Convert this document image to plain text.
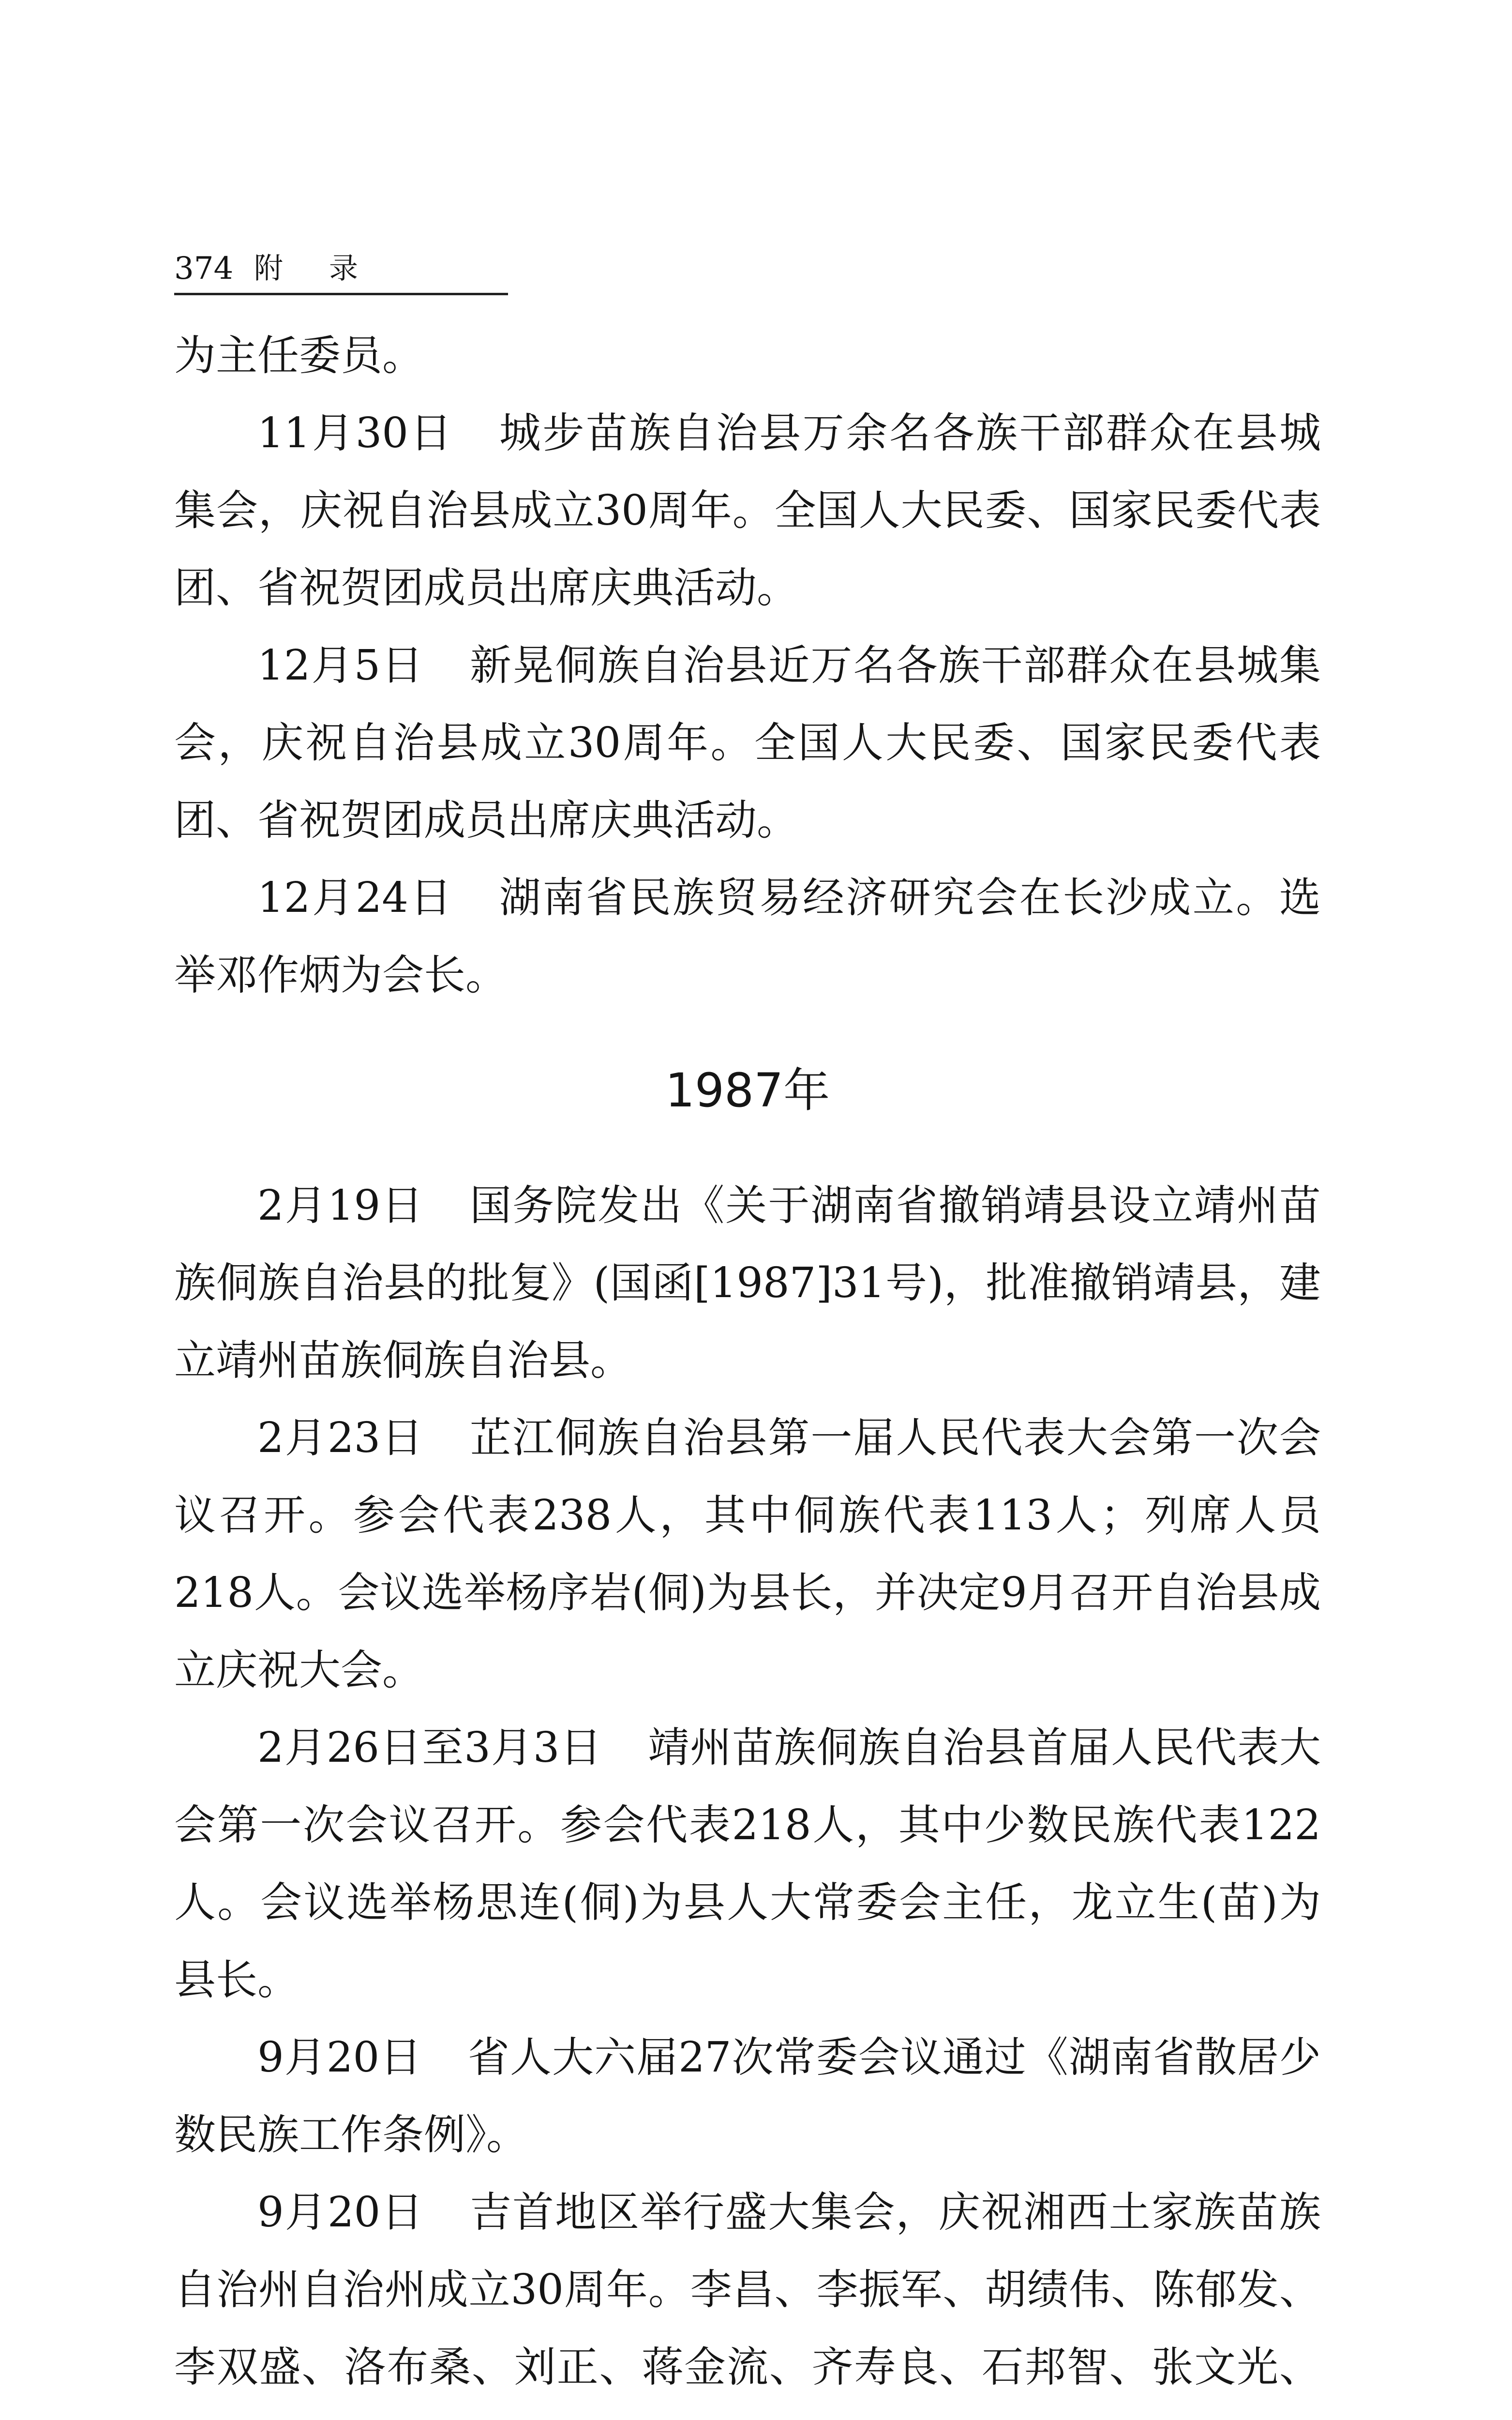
374 附录

为主任委员。

11月30日 城步苗族自治县万余名各族干部群众在县城集会，庆祝自治县成立30周年。全国人大民委、国家民委代表团、省祝贺团成员出席庆典活动。

12月5日 新晃侗族自治县近万名各族干部群众在县城集会，庆祝自治县成立30周年。全国人大民委、国家民委代表团、省祝贺团成员出席庆典活动。

12月24日 湖南省民族贸易经济研究会在长沙成立。选举邓作炳为会长。

1987年

2月19日 国务院发出《关于湖南省撤销靖县设立靖州苗族侗族自治县的批复》(国函[1987]31号)，批准撤销靖县，建立靖州苗族侗族自治县。

2月23日 芷江侗族自治县第一届人民代表大会第一次会议召开。参会代表238人，其中侗族代表113人；列席人员218人。会议选举杨序岩(侗)为县长，并决定9月召开自治县成立庆祝大会。

2月26日至3月3日 靖州苗族侗族自治县首届人民代表大会第一次会议召开。参会代表218人，其中少数民族代表122人。会议选举杨思连(侗)为县人大常委会主任，龙立生(苗)为县长。

9月20日 省人大六届27次常委会议通过《湖南省散居少数民族工作条例》。

9月20日 吉首地区举行盛大集会，庆祝湘西土家族苗族自治州自治州成立30周年。李昌、李振军、胡绩伟、陈郁发、李双盛、洛布桑、刘正、蒋金流、齐寿良、石邦智、张文光、
